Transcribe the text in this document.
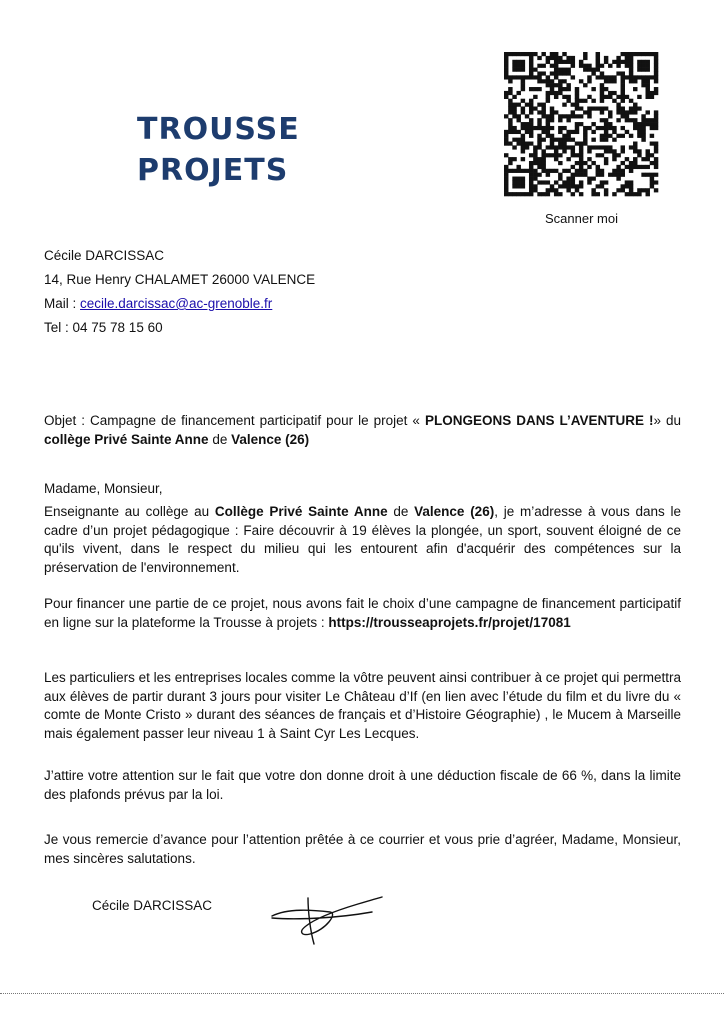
TROUSSE
PROJETS
Scanner moi
Cécile DARCISSAC
14, Rue Henry CHALAMET 26000 VALENCE
Mail : cecile.darcissac@ac-grenoble.fr
Tel : 04 75 78 15 60
Objet : Campagne de financement participatif pour le projet « PLONGEONS DANS L’AVENTURE !» du collège Privé Sainte Anne de Valence (26)
Madame, Monsieur,
Enseignante au collège au Collège Privé Sainte Anne de Valence (26), je m’adresse à vous dans le cadre d’un projet pédagogique : Faire découvrir à 19 élèves la plongée, un sport, souvent éloigné de ce qu'ils vivent, dans le respect du milieu qui les entourent afin d'acquérir des compétences sur la préservation de l'environnement.
Pour financer une partie de ce projet, nous avons fait le choix d’une campagne de financement participatif en ligne sur la plateforme la Trousse à projets : https://trousseaprojets.fr/projet/17081
Les particuliers et les entreprises locales comme la vôtre peuvent ainsi contribuer à ce projet qui permettra aux élèves de partir durant 3 jours pour visiter Le Château d’If (en lien avec l’étude du film et du livre du « comte de Monte Cristo » durant des séances de français et d’Histoire Géographie) , le Mucem à Marseille mais également passer leur niveau 1 à Saint Cyr Les Lecques.
J’attire votre attention sur le fait que votre don donne droit à une déduction fiscale de 66 %, dans la limite des plafonds prévus par la loi.
Je vous remercie d’avance pour l’attention prêtée à ce courrier et vous prie d’agréer, Madame, Monsieur, mes sincères salutations.
Cécile DARCISSAC
